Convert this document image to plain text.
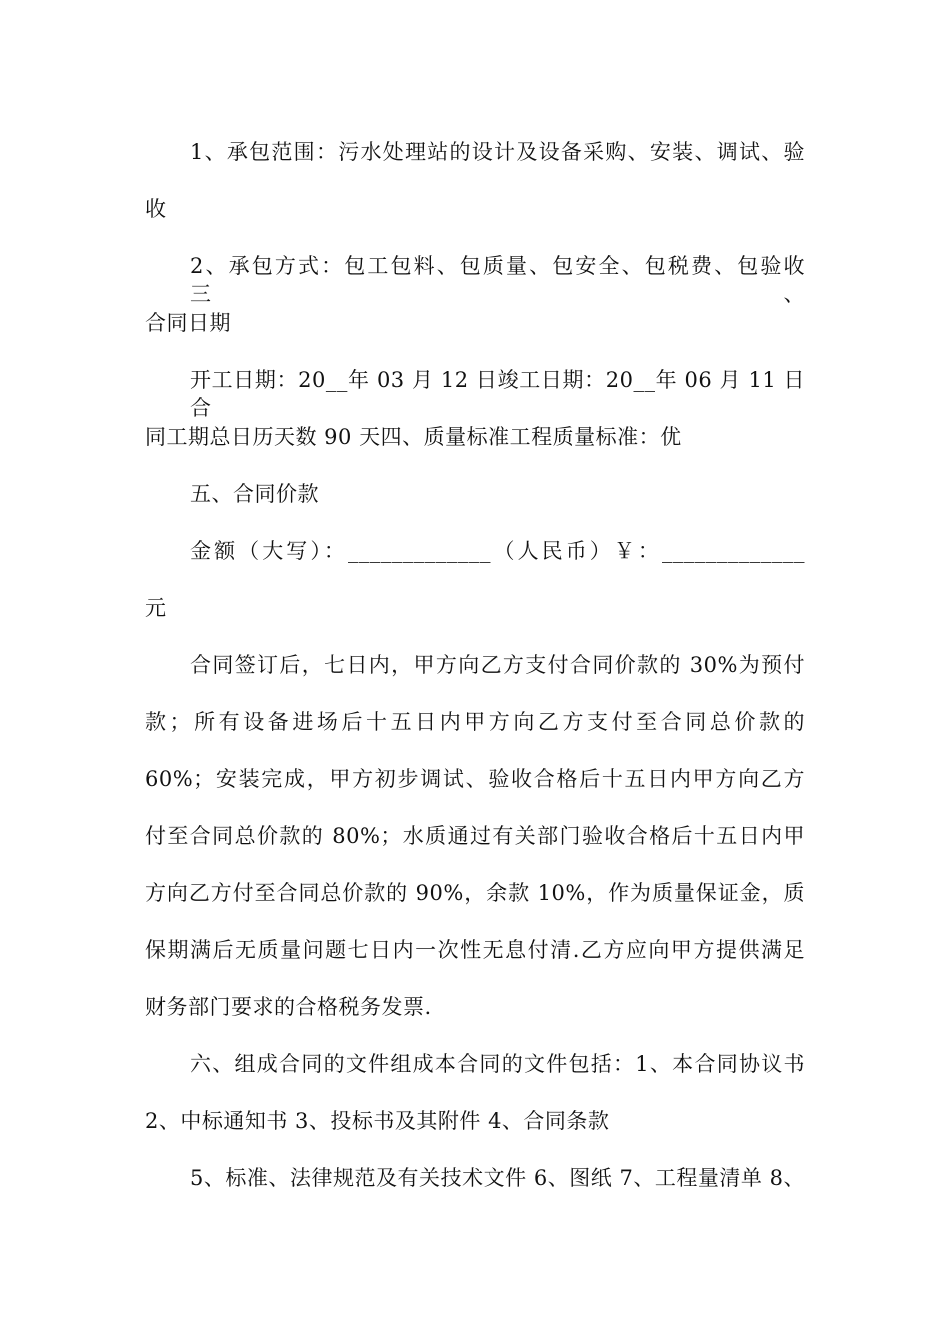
1、承包范围：污水处理站的设计及设备采购、安装、调试、验
收
2、承包方式：包工包料、包质量、包安全、包税费、包验收三、
合同日期
开工日期：20__年 03 月 12 日竣工日期：20__年 06 月 11 日合
同工期总日历天数 90 天四、质量标准工程质量标准：优
五、合同价款
金额（大写）：_____________（人民币）￥：_____________
元
合同签订后，七日内，甲方向乙方支付合同价款的 30%为预付
款；所有设备进场后十五日内甲方向乙方支付至合同总价款的
60%；安装完成，甲方初步调试、验收合格后十五日内甲方向乙方
付至合同总价款的 80%；水质通过有关部门验收合格后十五日内甲
方向乙方付至合同总价款的 90%，余款 10%，作为质量保证金，质
保期满后无质量问题七日内一次性无息付清.乙方应向甲方提供满足
财务部门要求的合格税务发票.
六、组成合同的文件组成本合同的文件包括：1、本合同协议书
2、中标通知书 3、投标书及其附件 4、合同条款
5、标准、法律规范及有关技术文件 6、图纸 7、工程量清单 8、
